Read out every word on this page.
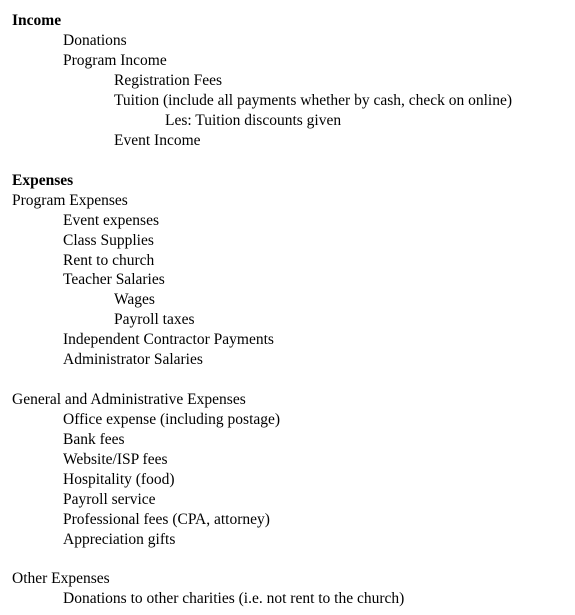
Income
Donations
Program Income
Registration Fees
Tuition (include all payments whether by cash, check on online)
Les: Tuition discounts given
Event Income
Expenses
Program Expenses
Event expenses
Class Supplies
Rent to church
Teacher Salaries
Wages
Payroll taxes
Independent Contractor Payments
Administrator Salaries
General and Administrative Expenses
Office expense (including postage)
Bank fees
Website/ISP fees
Hospitality (food)
Payroll service
Professional fees (CPA, attorney)
Appreciation gifts
Other Expenses
Donations to other charities (i.e. not rent to the church)
